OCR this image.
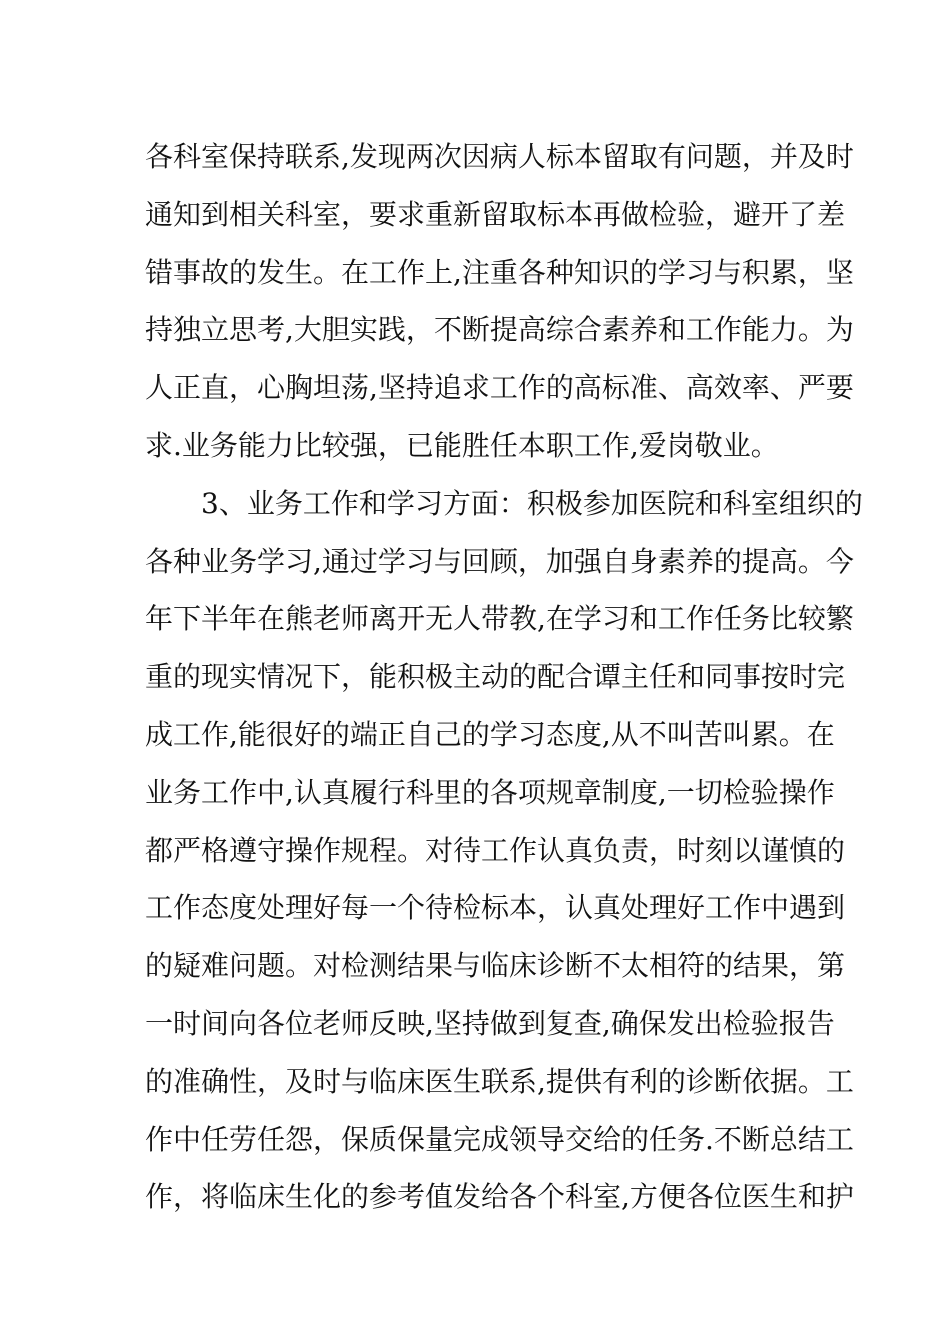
各科室保持联系,发现两次因病人标本留取有问题，并及时
通知到相关科室，要求重新留取标本再做检验，避开了差
错事故的发生。在工作上,注重各种知识的学习与积累，坚
持独立思考,大胆实践，不断提高综合素养和工作能力。为
人正直，心胸坦荡,坚持追求工作的高标准、高效率、严要
求.业务能力比较强，已能胜任本职工作,爱岗敬业。
3、业务工作和学习方面：积极参加医院和科室组织的
各种业务学习,通过学习与回顾，加强自身素养的提高。今
年下半年在熊老师离开无人带教,在学习和工作任务比较繁
重的现实情况下，能积极主动的配合谭主任和同事按时完
成工作,能很好的端正自己的学习态度,从不叫苦叫累。在
业务工作中,认真履行科里的各项规章制度,一切检验操作
都严格遵守操作规程。对待工作认真负责，时刻以谨慎的
工作态度处理好每一个待检标本，认真处理好工作中遇到
的疑难问题。对检测结果与临床诊断不太相符的结果，第
一时间向各位老师反映,坚持做到复查,确保发出检验报告
的准确性，及时与临床医生联系,提供有利的诊断依据。工
作中任劳任怨，保质保量完成领导交给的任务.不断总结工
作，将临床生化的参考值发给各个科室,方便各位医生和护
